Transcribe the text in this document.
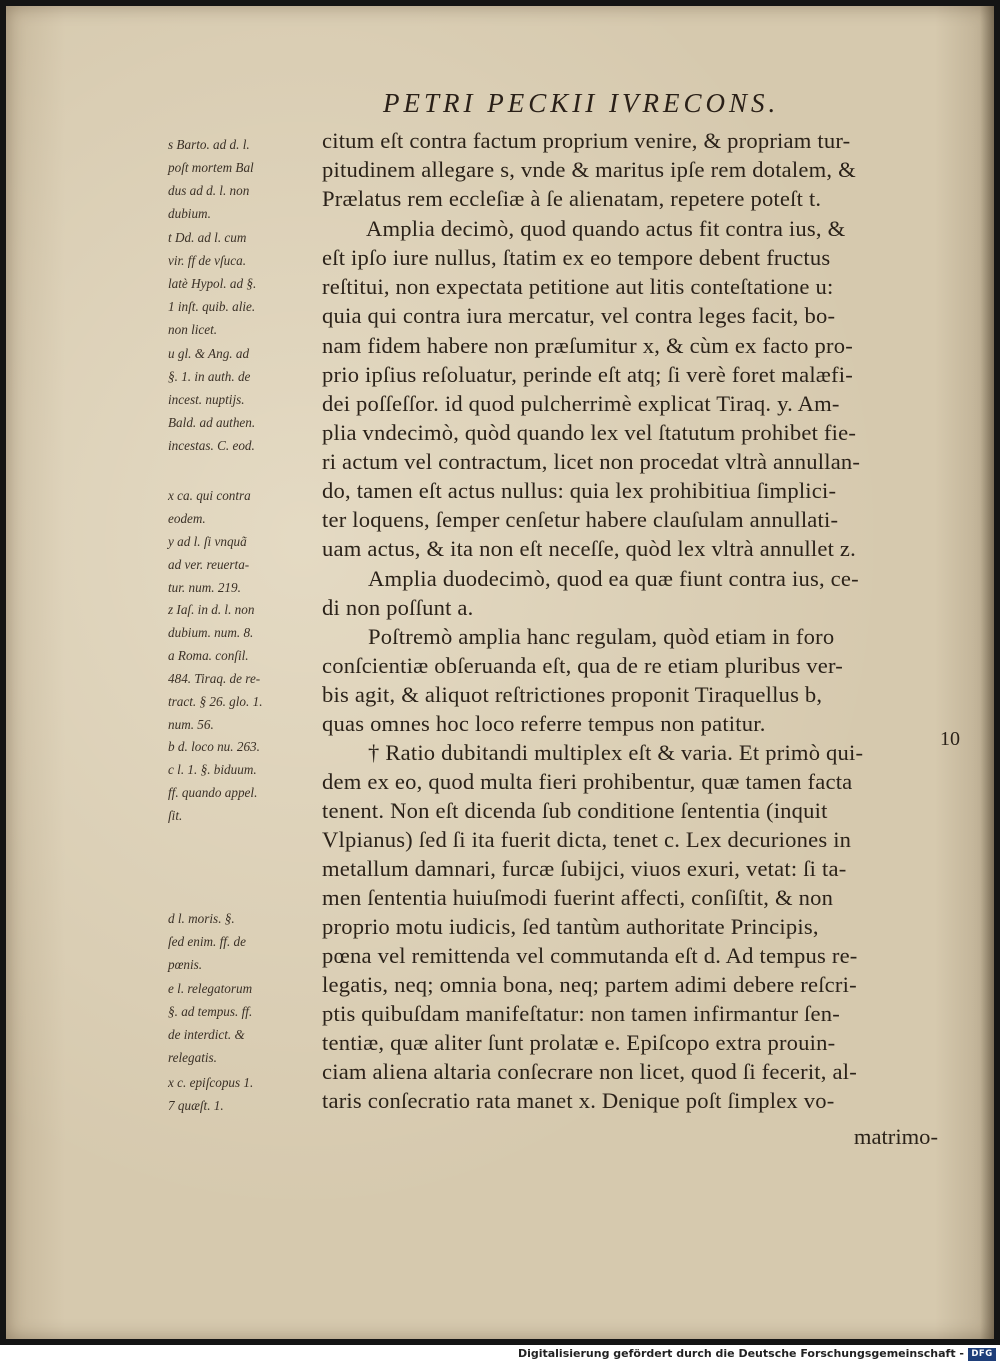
PETRI PECKII IVRECONS.
citum eſt contra factum proprium venire, & propriam tur-
pitudinem allegare s, vnde & maritus ipſe rem dotalem, &
Prælatus rem eccleſiæ à ſe alienatam, repetere poteſt t.
Amplia decimò, quod quando actus fit contra ius, &
eſt ipſo iure nullus, ſtatim ex eo tempore debent fructus
reſtitui, non expectata petitione aut litis conteſtatione u:
quia qui contra iura mercatur, vel contra leges facit, bo-
nam fidem habere non præſumitur x, & cùm ex facto pro-
prio ipſius reſoluatur, perinde eſt atq; ſi verè foret malæfi-
dei poſſeſſor. id quod pulcherrimè explicat Tiraq. y. Am-
plia vndecimò, quòd quando lex vel ſtatutum prohibet fie-
ri actum vel contractum, licet non procedat vltrà annullan-
do, tamen eſt actus nullus: quia lex prohibitiua ſimplici-
ter loquens, ſemper cenſetur habere clauſulam annullati-
uam actus, & ita non eſt neceſſe, quòd lex vltrà annullet z.
Amplia duodecimò, quod ea quæ fiunt contra ius, ce-
di non poſſunt a.
Poſtremò amplia hanc regulam, quòd etiam in foro
conſcientiæ obſeruanda eſt, qua de re etiam pluribus ver-
bis agit, & aliquot reſtrictiones proponit Tiraquellus b,
quas omnes hoc loco referre tempus non patitur.
† Ratio dubitandi multiplex eſt & varia. Et primò qui-
dem ex eo, quod multa fieri prohibentur, quæ tamen facta
tenent. Non eſt dicenda ſub conditione ſententia (inquit
Vlpianus) ſed ſi ita fuerit dicta, tenet c. Lex decuriones in
metallum damnari, furcæ ſubijci, viuos exuri, vetat: ſi ta-
men ſententia huiuſmodi fuerint affecti, conſiſtit, & non
proprio motu iudicis, ſed tantùm authoritate Principis,
pœna vel remittenda vel commutanda eſt d. Ad tempus re-
legatis, neq; omnia bona, neq; partem adimi debere reſcri-
ptis quibuſdam manifeſtatur: non tamen infirmantur ſen-
tentiæ, quæ aliter ſunt prolatæ e. Epiſcopo extra prouin-
ciam aliena altaria conſecrare non licet, quod ſi fecerit, al-
taris conſecratio rata manet x. Denique poſt ſimplex vo-
10
matrimo-
s Barto. ad d. l.
poſt mortem Bal
dus ad d. l. non
dubium.
t Dd. ad l. cum
vir. ff de vſuca.
latè Hypol. ad §.
1 inſt. quib. alie.
non licet.
u gl. & Ang. ad
§. 1. in auth. de
incest. nuptijs.
Bald. ad authen.
incestas. C. eod.
x ca. qui contra
eodem.
y ad l. ſi vnquã
ad ver. reuerta-
tur. num. 219.
z Iaſ. in d. l. non
dubium. num. 8.
a Roma. conſil.
484. Tiraq. de re-
tract. § 26. glo. 1.
num. 56.
b d. loco nu. 263.
c l. 1. §. biduum.
ff. quando appel.
ſit.
d l. moris. §.
ſed enim. ff. de
pœnis.
e l. relegatorum
§. ad tempus. ff.
de interdict. &
relegatis.
x c. epiſcopus 1.
7 quæſt. 1.
Digitalisierung gefördert durch die Deutsche Forschungsgemeinschaft - DFG
